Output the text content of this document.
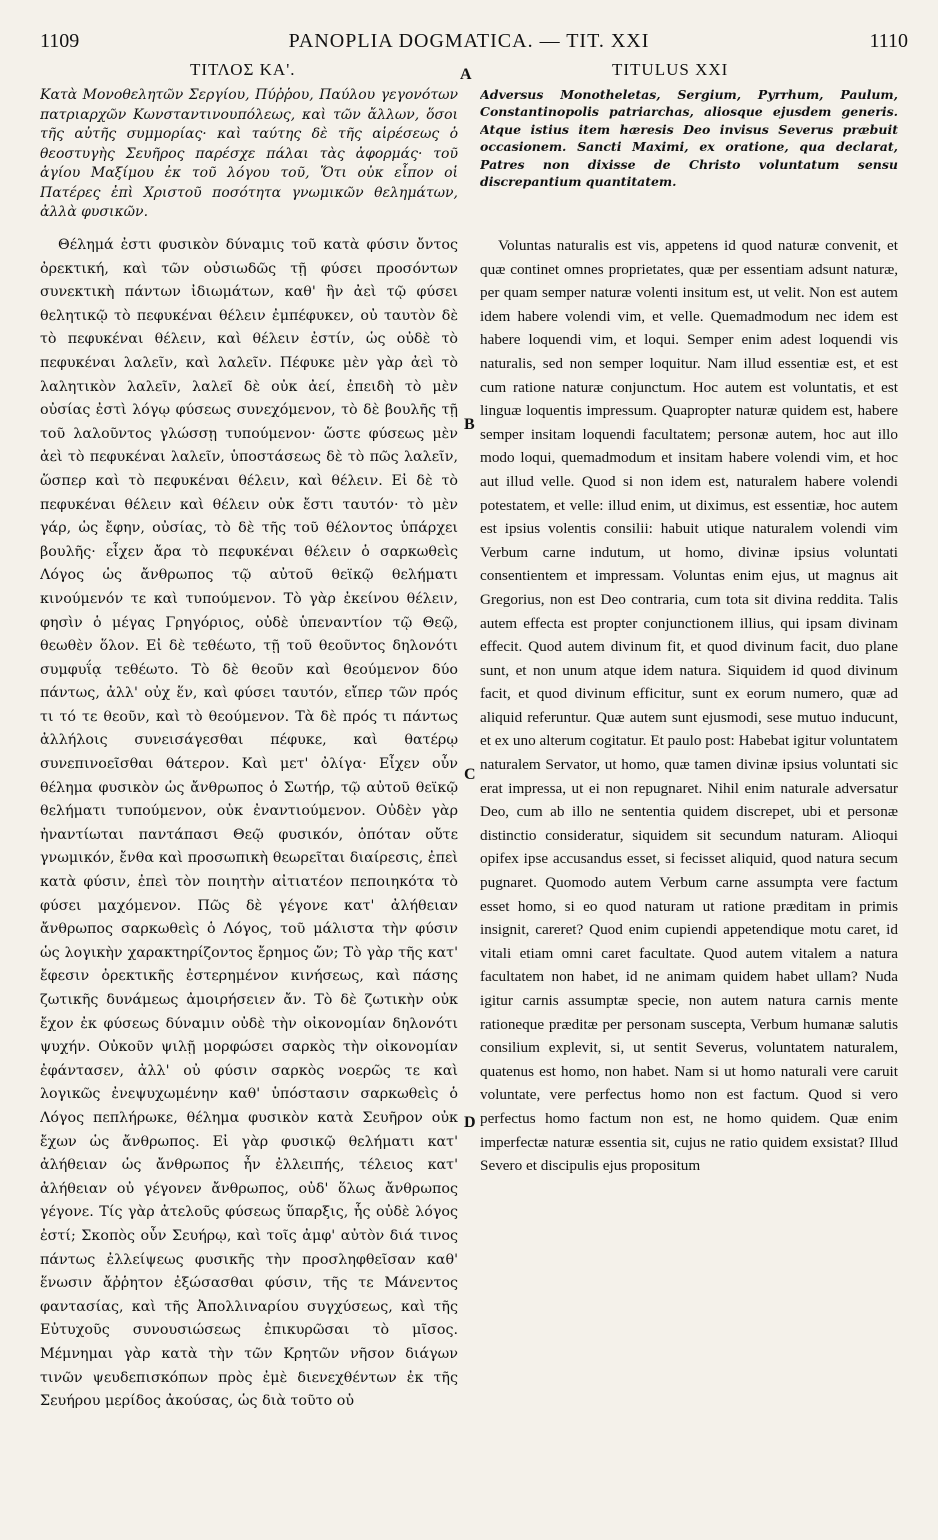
1109	PANOPLIA DOGMATICA. — TIT. XXI	1110
ΤΙΤΛΟΣ ΚΑ'.	TITULUS XXI
A
B
C
D
Κατὰ Μονοθελητῶν Σεργίου, Πύῤῥου, Παύλου γεγονότων πατριαρχῶν Κωνσταντινουπόλεως, καὶ τῶν ἄλλων, ὅσοι τῆς αὐτῆς συμμορίας· καὶ ταύτης δὲ τῆς αἱρέσεως ὁ θεοστυγὴς Σευῆρος παρέσχε πάλαι τὰς ἀφορμάς· τοῦ ἁγίου Μαξίμου ἐκ τοῦ λόγου τοῦ, Ὅτι οὐκ εἶπον οἱ Πατέρες ἐπὶ Χριστοῦ ποσότητα γνωμικῶν θελημάτων, ἀλλὰ φυσικῶν.
Adversus Monotheletas, Sergium, Pyrrhum, Paulum, Constantinopolis patriarchas, aliosque ejusdem generis. Atque istius item hæresis Deo invisus Severus præbuit occasionem. Sancti Maximi, ex oratione, qua declarat, Patres non dixisse de Christo voluntatum sensu discrepantium quantitatem.

Θέλημά ἐστι φυσικὸν δύναμις τοῦ κατὰ φύσιν ὄντος ὀρεκτική, καὶ τῶν οὐσιωδῶς τῇ φύσει προσόντων συνεκτικὴ πάντων ἰδιωμάτων, καθ' ἣν ἀεὶ τῷ φύσει θελητικῷ τὸ πεφυκέναι θέλειν ἐμπέφυκεν, οὐ ταυτὸν δὲ τὸ πεφυκέναι θέλειν, καὶ θέλειν ἐστίν, ὡς οὐδὲ τὸ πεφυκέναι λαλεῖν, καὶ λαλεῖν. Πέφυκε μὲν γὰρ ἀεὶ τὸ λαλητικὸν λαλεῖν, λαλεῖ δὲ οὐκ ἀεί, ἐπειδὴ τὸ μὲν οὐσίας ἐστὶ λόγῳ φύσεως συνεχόμενον, τὸ δὲ βουλῆς τῇ τοῦ λαλοῦντος γλώσσῃ τυπούμενον· ὥστε φύσεως μὲν ἀεὶ τὸ πεφυκέναι λαλεῖν, ὑποστάσεως δὲ τὸ πῶς λαλεῖν, ὥσπερ καὶ τὸ πεφυκέναι θέλειν, καὶ θέλειν. Εἰ δὲ τὸ πεφυκέναι θέλειν καὶ θέλειν οὐκ ἔστι ταυτόν· τὸ μὲν γάρ, ὡς ἔφην, οὐσίας, τὸ δὲ τῆς τοῦ θέλοντος ὑπάρχει βουλῆς· εἶχεν ἄρα τὸ πεφυκέναι θέλειν ὁ σαρκωθεὶς Λόγος ὡς ἄνθρωπος τῷ αὐτοῦ θεϊκῷ θελήματι κινούμενόν τε καὶ τυπούμενον. Τὸ γὰρ ἐκείνου θέλειν, φησὶν ὁ μέγας Γρηγόριος, οὐδὲ ὑπεναντίον τῷ Θεῷ, θεωθὲν ὅλον. Εἰ δὲ τεθέωτο, τῇ τοῦ θεοῦντος δηλονότι συμφυΐᾳ τεθέωτο. Τὸ δὲ θεοῦν καὶ θεούμενον δύο πάντως, ἀλλ' οὐχ ἕν, καὶ φύσει ταυτόν, εἴπερ τῶν πρός τι τό τε θεοῦν, καὶ τὸ θεούμενον. Τὰ δὲ πρός τι πάντως ἀλλήλοις συνεισάγεσθαι πέφυκε, καὶ θατέρῳ συνεπινοεῖσθαι θάτερον. Καὶ μετ' ὀλίγα· Εἶχεν οὖν θέλημα φυσικὸν ὡς ἄνθρωπος ὁ Σωτήρ, τῷ αὐτοῦ θεϊκῷ θελήματι τυπούμενον, οὐκ ἐναντιούμενον. Οὐδὲν γὰρ ἠναντίωται παντάπασι Θεῷ φυσικόν, ὁπόταν οὔτε γνωμικόν, ἔνθα καὶ προσωπικὴ θεωρεῖται διαίρεσις, ἐπεὶ κατὰ φύσιν, ἐπεὶ τὸν ποιητὴν αἰτιατέον πεποιηκότα τὸ φύσει μαχόμενον. Πῶς δὲ γέγονε κατ' ἀλήθειαν ἄνθρωπος σαρκωθεὶς ὁ Λόγος, τοῦ μάλιστα τὴν φύσιν ὡς λογικὴν χαρακτηρίζοντος ἔρημος ὤν; Τὸ γὰρ τῆς κατ' ἔφεσιν ὀρεκτικῆς ἐστερημένον κινήσεως, καὶ πάσης ζωτικῆς δυνάμεως ἀμοιρήσειεν ἄν. Τὸ δὲ ζωτικὴν οὐκ ἔχον ἐκ φύσεως δύναμιν οὐδὲ τὴν οἰκονομίαν δηλονότι ψυχήν. Οὐκοῦν ψιλῇ μορφώσει σαρκὸς τὴν οἰκονομίαν ἐφάντασεν, ἀλλ' οὐ φύσιν σαρκὸς νοερῶς τε καὶ λογικῶς ἐνεψυχωμένην καθ' ὑπόστασιν σαρκωθεὶς ὁ Λόγος πεπλήρωκε, θέλημα φυσικὸν κατὰ Σευῆρον οὐκ ἔχων ὡς ἄνθρωπος. Εἰ γὰρ φυσικῷ θελήματι κατ' ἀλήθειαν ὡς ἄνθρωπος ἦν ἐλλειπής, τέλειος κατ' ἀλήθειαν οὐ γέγονεν ἄνθρωπος, οὐδ' ὅλως ἄνθρωπος γέγονε. Τίς γὰρ ἀτελοῦς φύσεως ὕπαρξις, ἧς οὐδὲ λόγος ἐστί; Σκοπὸς οὖν Σευήρῳ, καὶ τοῖς ἀμφ' αὐτὸν διά τινος πάντως ἐλλείψεως φυσικῆς τὴν προσληφθεῖσαν καθ' ἕνωσιν ἄῤῥητον ἐξώσασθαι φύσιν, τῆς τε Μάνεντος φαντασίας, καὶ τῆς Ἀπολλιναρίου συγχύσεως, καὶ τῆς Εὐτυχοῦς συνουσιώσεως ἐπικυρῶσαι τὸ μῖσος. Μέμνημαι γὰρ κατὰ τὴν τῶν Κρητῶν νῆσον διάγων τινῶν ψευδεπισκόπων πρὸς ἐμὲ διενεχθέντων ἐκ τῆς Σευήρου μερίδος ἀκούσας, ὡς διὰ τοῦτο οὐ

Voluntas naturalis est vis, appetens id quod naturæ convenit, et quæ continet omnes proprietates, quæ per essentiam adsunt naturæ, per quam semper naturæ volenti insitum est, ut velit. Non est autem idem habere volendi vim, et velle. Quemadmodum nec idem est habere loquendi vim, et loqui. Semper enim adest loquendi vis naturalis, sed non semper loquitur. Nam illud essentiæ est, et est cum ratione naturæ conjunctum. Hoc autem est voluntatis, et est linguæ loquentis impressum. Quapropter naturæ quidem est, habere semper insitam loquendi facultatem; personæ autem, hoc aut illo modo loqui, quemadmodum et insitam habere volendi vim, et hoc aut illud velle. Quod si non idem est, naturalem habere volendi potestatem, et velle: illud enim, ut diximus, est essentiæ, hoc autem est ipsius volentis consilii: habuit utique naturalem volendi vim Verbum carne indutum, ut homo, divinæ ipsius voluntati consentientem et impressam. Voluntas enim ejus, ut magnus ait Gregorius, non est Deo contraria, cum tota sit divina reddita. Talis autem effecta est propter conjunctionem illius, qui ipsam divinam effecit. Quod autem divinum fit, et quod divinum facit, duo plane sunt, et non unum atque idem natura. Siquidem id quod divinum facit, et quod divinum efficitur, sunt ex eorum numero, quæ ad aliquid referuntur. Quæ autem sunt ejusmodi, sese mutuo inducunt, et ex uno alterum cogitatur. Et paulo post: Habebat igitur voluntatem naturalem Servator, ut homo, quæ tamen divinæ ipsius voluntati sic erat impressa, ut ei non repugnaret. Nihil enim naturale adversatur Deo, cum ab illo ne sententia quidem discrepet, ubi et personæ distinctio consideratur, siquidem sit secundum naturam. Alioqui opifex ipse accusandus esset, si fecisset aliquid, quod natura secum pugnaret. Quomodo autem Verbum carne assumpta vere factum esset homo, si eo quod naturam ut ratione præditam in primis insignit, careret? Quod enim cupiendi appetendique motu caret, id vitali etiam omni caret facultate. Quod autem vitalem a natura facultatem non habet, id ne animam quidem habet ullam? Nuda igitur carnis assumptæ specie, non autem natura carnis mente rationeque præditæ per personam suscepta, Verbum humanæ salutis consilium explevit, si, ut sentit Severus, voluntatem naturalem, quatenus est homo, non habet. Nam si ut homo naturali vere caruit voluntate, vere perfectus homo non est factum. Quod si vero perfectus homo factum non est, ne homo quidem. Quæ enim imperfectæ naturæ essentia sit, cujus ne ratio quidem exsistat? Illud Severo et discipulis ejus propositum
